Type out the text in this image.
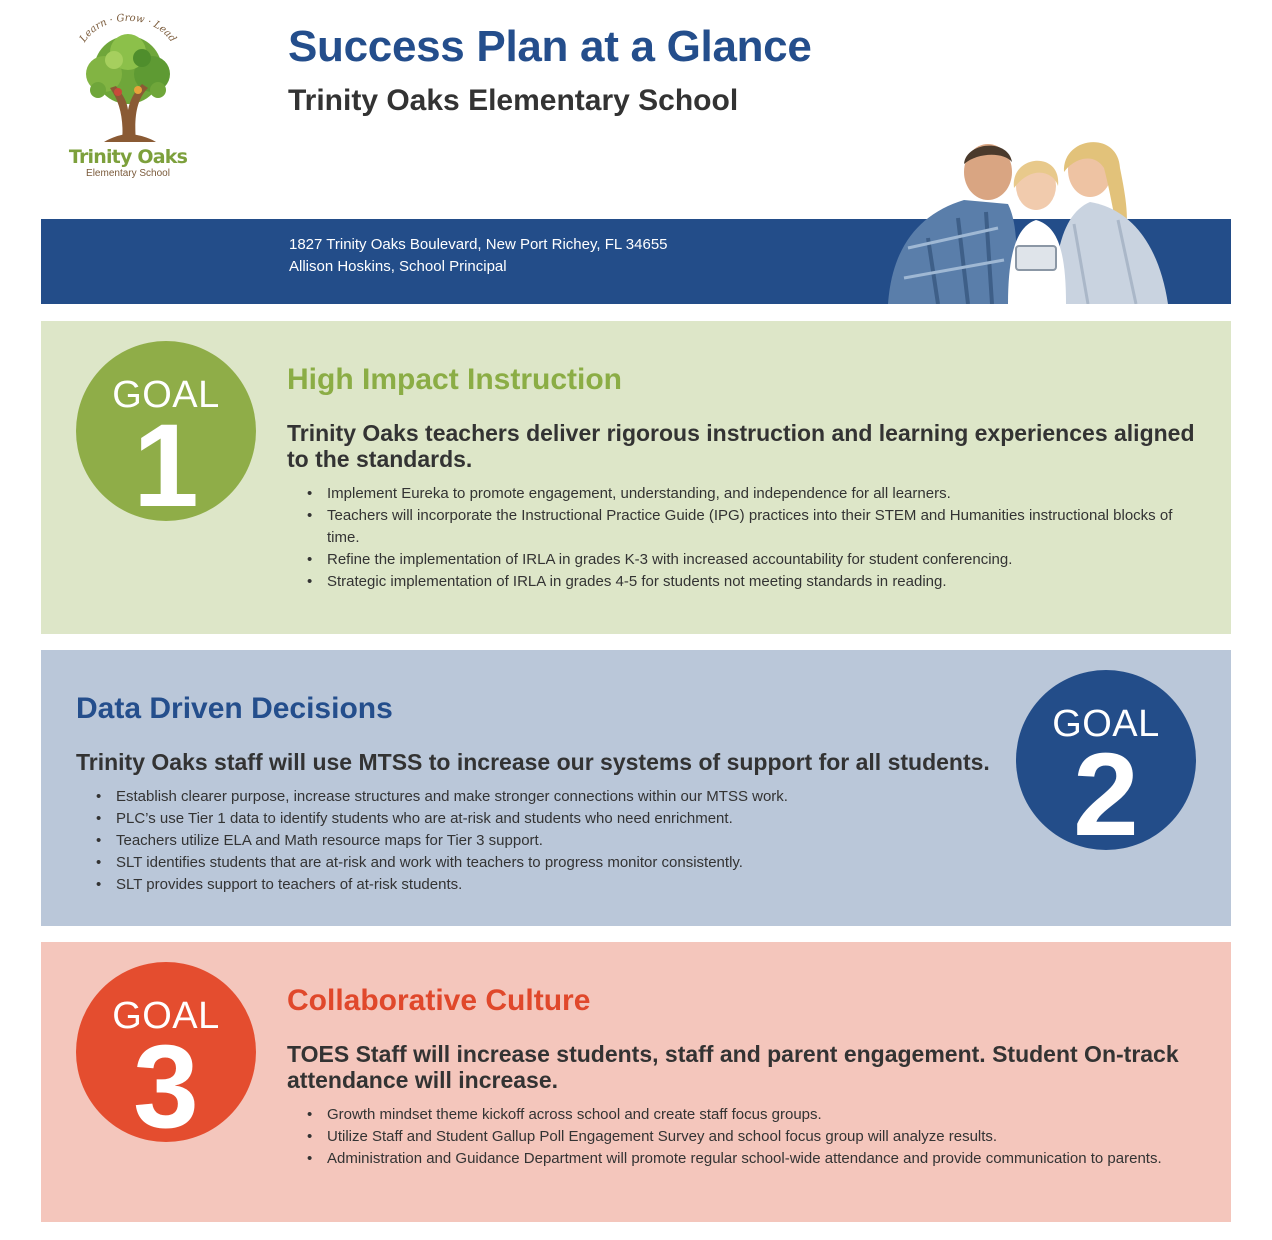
Learn · Grow · Lead
Trinity Oaks
Elementary School
Success Plan at a Glance
Trinity Oaks Elementary School
1827 Trinity Oaks Boulevard, New Port Richey, FL 34655
Allison Hoskins, School Principal
GOAL
1
High Impact Instruction
Trinity Oaks teachers deliver rigorous instruction and learning experiences aligned to the standards.
• Implement Eureka to promote engagement, understanding, and independence for all learners.
• Teachers will incorporate the Instructional Practice Guide (IPG) practices into their STEM and Humanities instructional blocks of time.
• Refine the implementation of IRLA in grades K-3 with increased accountability for student conferencing.
• Strategic implementation of IRLA in grades 4-5 for students not meeting standards in reading.
Data Driven Decisions
Trinity Oaks staff will use MTSS to increase our systems of support for all students.
• Establish clearer purpose, increase structures and make stronger connections within our MTSS work.
• PLC’s use Tier 1 data to identify students who are at-risk and students who need enrichment.
• Teachers utilize ELA and Math resource maps for Tier 3 support.
• SLT identifies students that are at-risk and work with teachers to progress monitor consistently.
• SLT provides support to teachers of at-risk students.
GOAL
2
GOAL
3
Collaborative Culture
TOES Staff will increase students, staff and parent engagement. Student On-track attendance will increase.
• Growth mindset theme kickoff across school and create staff focus groups.
• Utilize Staff and Student Gallup Poll Engagement Survey and school focus group will analyze results.
• Administration and Guidance Department will promote regular school-wide attendance and provide communication to parents.
